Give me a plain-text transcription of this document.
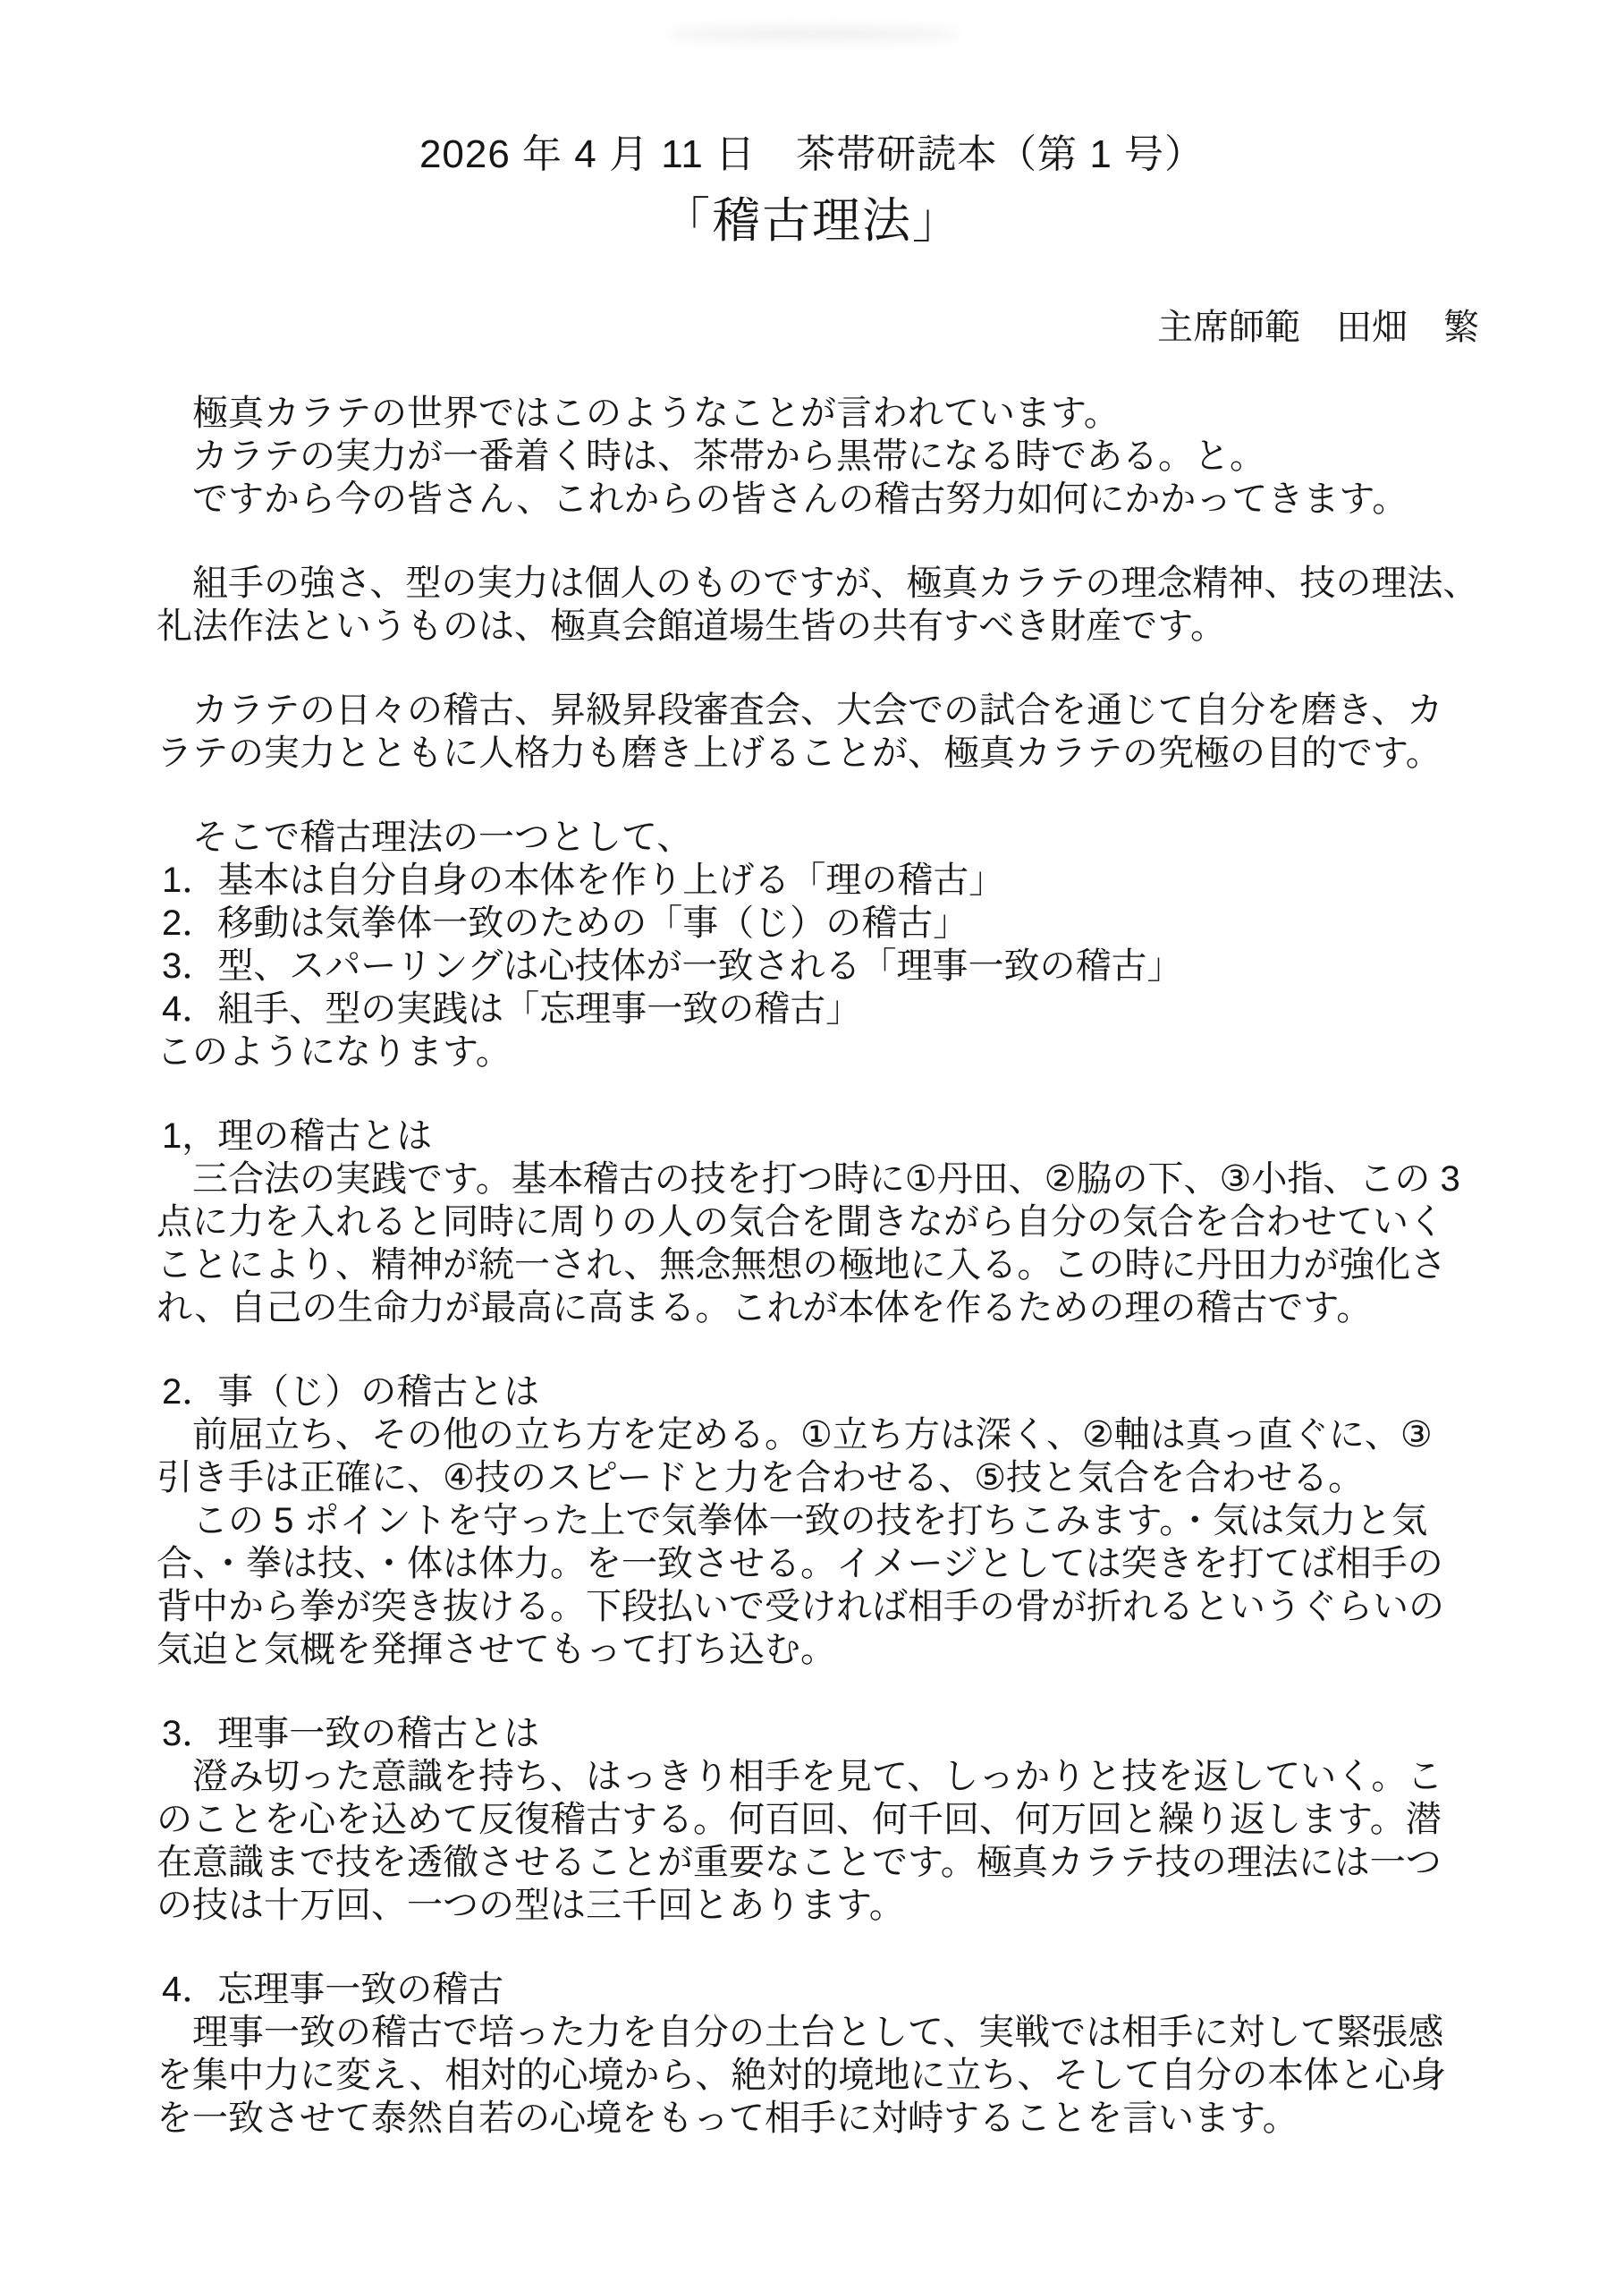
2026 年 4 月 11 日　茶帯研読本（第 1 号）
「稽古理法」
主席師範　田畑　繁
　極真カラテの世界ではこのようなことが言われています。
　カラテの実力が一番着く時は、茶帯から黒帯になる時である。と。
　ですから今の皆さん、これからの皆さんの稽古努力如何にかかってきます。
　組手の強さ、型の実力は個人のものですが、極真カラテの理念精神、技の理法、
礼法作法というものは、極真会館道場生皆の共有すべき財産です。
　カラテの日々の稽古、昇級昇段審査会、大会での試合を通じて自分を磨き、カ
ラテの実力とともに人格力も磨き上げることが、極真カラテの究極の目的です。
　そこで稽古理法の一つとして、
1．基本は自分自身の本体を作り上げる「理の稽古」
2．移動は気拳体一致のための「事（じ）の稽古」
3．型、スパーリングは心技体が一致される「理事一致の稽古」
4．組手、型の実践は「忘理事一致の稽古」
このようになります。
1，理の稽古とは
　三合法の実践です。基本稽古の技を打つ時に①丹田、②脇の下、③小指、この 3
点に力を入れると同時に周りの人の気合を聞きながら自分の気合を合わせていく
ことにより、精神が統一され、無念無想の極地に入る。この時に丹田力が強化さ
れ、自己の生命力が最高に高まる。これが本体を作るための理の稽古です。
2．事（じ）の稽古とは
　前屈立ち、その他の立ち方を定める。①立ち方は深く、②軸は真っ直ぐに、③
引き手は正確に、④技のスピードと力を合わせる、⑤技と気合を合わせる。
　この 5 ポイントを守った上で気拳体一致の技を打ちこみます。・気は気力と気
合、・拳は技、・体は体力。を一致させる。イメージとしては突きを打てば相手の
背中から拳が突き抜ける。下段払いで受ければ相手の骨が折れるというぐらいの
気迫と気概を発揮させてもって打ち込む。
3．理事一致の稽古とは
　澄み切った意識を持ち、はっきり相手を見て、しっかりと技を返していく。こ
のことを心を込めて反復稽古する。何百回、何千回、何万回と繰り返します。潜
在意識まで技を透徹させることが重要なことです。極真カラテ技の理法には一つ
の技は十万回、一つの型は三千回とあります。
4．忘理事一致の稽古
　理事一致の稽古で培った力を自分の土台として、実戦では相手に対して緊張感
を集中力に変え、相対的心境から、絶対的境地に立ち、そして自分の本体と心身
を一致させて泰然自若の心境をもって相手に対峙することを言います。
